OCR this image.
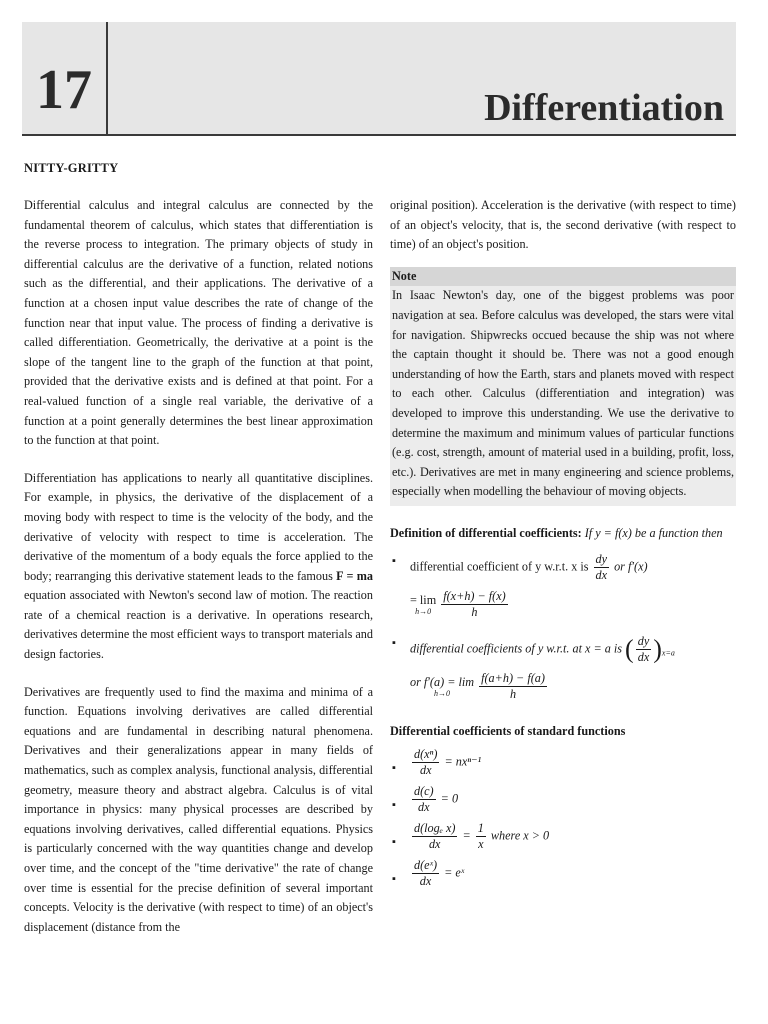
17	Differentiation
NITTY-GRITTY

Differential calculus and integral calculus are connected by the fundamental theorem of calculus, which states that differentiation is the reverse process to integration. The primary objects of study in differential calculus are the derivative of a function, related notions such as the differential, and their applications. The derivative of a function at a chosen input value describes the rate of change of the function near that input value. The process of finding a derivative is called differentiation. Geometrically, the derivative at a point is the slope of the tangent line to the graph of the function at that point, provided that the derivative exists and is defined at that point. For a real-valued function of a single real variable, the derivative of a function at a point generally determines the best linear approximation to the function at that point.

Differentiation has applications to nearly all quantitative disciplines. For example, in physics, the derivative of the displacement of a moving body with respect to time is the velocity of the body, and the derivative of velocity with respect to time is acceleration. The derivative of the momentum of a body equals the force applied to the body; rearranging this derivative statement leads to the famous F = ma equation associated with Newton's second law of motion. The reaction rate of a chemical reaction is a derivative. In operations research, derivatives determine the most efficient ways to transport materials and design factories.

Derivatives are frequently used to find the maxima and minima of a function. Equations involving derivatives are called differential equations and are fundamental in describing natural phenomena. Derivatives and their generalizations appear in many fields of mathematics, such as complex analysis, functional analysis, differential geometry, measure theory and abstract algebra. Calculus is of vital importance in physics: many physical processes are described by equations involving derivatives, called differential equations. Physics is particularly concerned with the way quantities change and develop over time, and the concept of the "time derivative" the rate of change over time is essential for the precise definition of several important concepts. Velocity is the derivative (with respect to time) of an object's displacement (distance from the

original position). Acceleration is the derivative (with respect to time) of an object's velocity, that is, the second derivative (with respect to time) of an object's position.

Note

In Isaac Newton's day, one of the biggest problems was poor navigation at sea. Before calculus was developed, the stars were vital for navigation. Shipwrecks occued because the ship was not where the captain thought it should be. There was not a good enough understanding of how the Earth, stars and planets moved with respect to each other. Calculus (differentiation and integration) was developed to improve this understanding. We use the derivative to determine the maximum and minimum values of particular functions (e.g. cost, strength, amount of material used in a building, profit, loss, etc.). Derivatives are met in many engineering and science problems, especially when modelling the behaviour of moving objects.

Definition of differential coefficients: If y = f(x) be a function then
▪ differential coefficient of y w.r.t. x is $\frac{dy}{dx}$ or f′(x)
= lim
h→0
$\frac{f(x+h) - f(x)}{h}$
▪ differential coefficients of y w.r.t. at x = a is ( $\frac{dy}{dx} )_{x=a}$
or f′(a) = lim
h→0
	$\frac{f(a+h) - f(a)}{h}$
Differential coefficients of standard functions
▪ $\frac{\text{d(xⁿ)}}{dx} = nx^{n-1}$
▪ $\frac{d(c)}{dx} = 0$
▪ $\frac{\text{d(logₑ x)}}{dx} = \frac{1}{x}$ where x > 0
▪ $\frac{\text{d(eˣ)}}{dx}$ = eˣ
